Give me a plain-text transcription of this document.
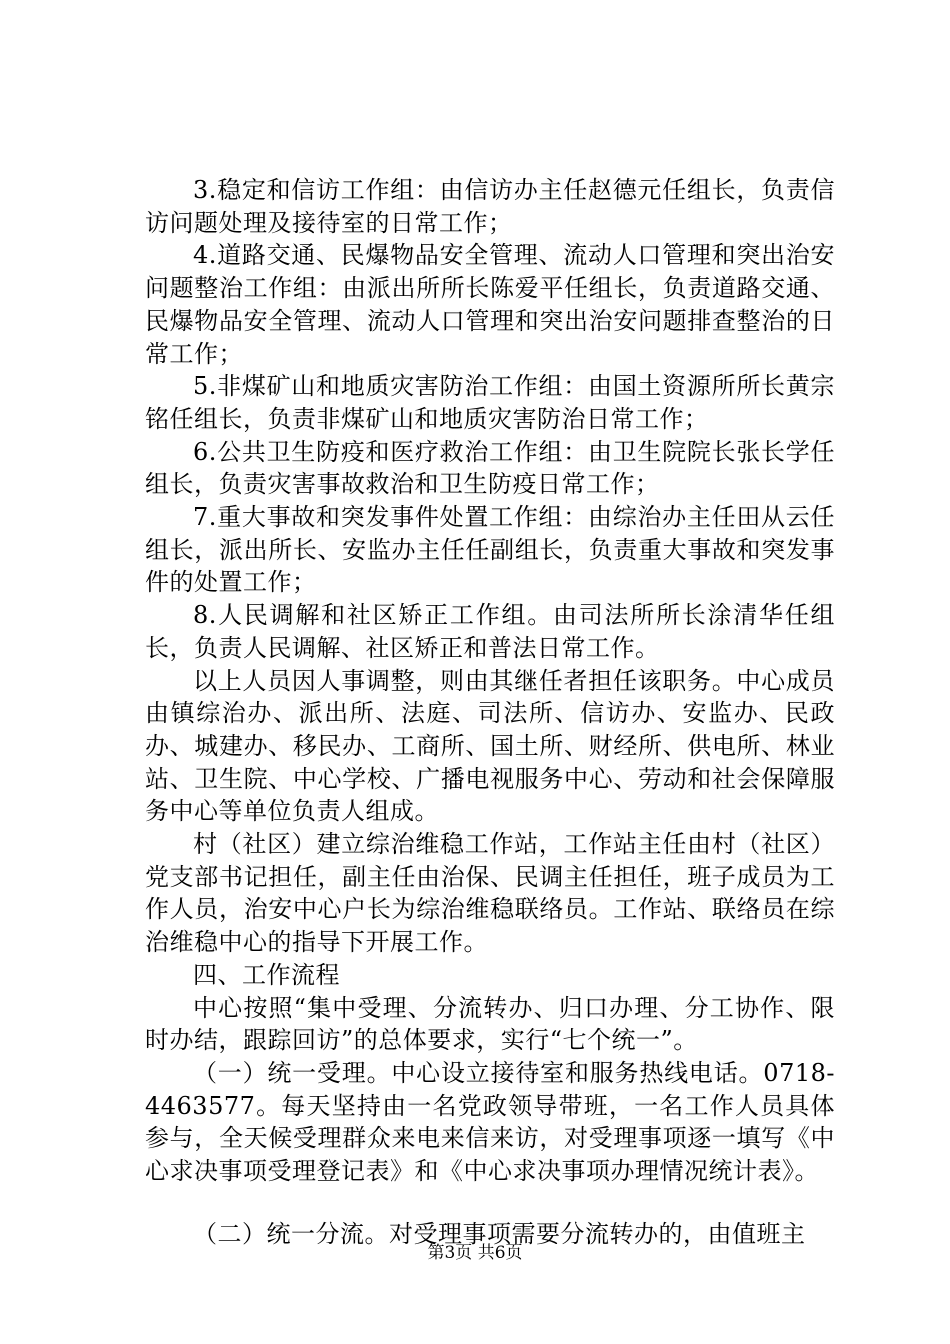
3.稳定和信访工作组：由信访办主任赵德元任组长，负责信访问题处理及接待室的日常工作；

4.道路交通、民爆物品安全管理、流动人口管理和突出治安问题整治工作组：由派出所所长陈爱平任组长，负责道路交通、民爆物品安全管理、流动人口管理和突出治安问题排查整治的日常工作；

5.非煤矿山和地质灾害防治工作组：由国土资源所所长黄宗铭任组长，负责非煤矿山和地质灾害防治日常工作；

6.公共卫生防疫和医疗救治工作组：由卫生院院长张长学任组长，负责灾害事故救治和卫生防疫日常工作；

7.重大事故和突发事件处置工作组：由综治办主任田从云任组长，派出所长、安监办主任任副组长，负责重大事故和突发事件的处置工作；

8.人民调解和社区矫正工作组。由司法所所长涂清华任组长，负责人民调解、社区矫正和普法日常工作。

以上人员因人事调整，则由其继任者担任该职务。中心成员由镇综治办、派出所、法庭、司法所、信访办、安监办、民政办、城建办、移民办、工商所、国土所、财经所、供电所、林业站、卫生院、中心学校、广播电视服务中心、劳动和社会保障服务中心等单位负责人组成。

村（社区）建立综治维稳工作站，工作站主任由村（社区）党支部书记担任，副主任由治保、民调主任担任，班子成员为工作人员，治安中心户长为综治维稳联络员。工作站、联络员在综治维稳中心的指导下开展工作。

四、工作流程

中心按照“集中受理、分流转办、归口办理、分工协作、限时办结，跟踪回访”的总体要求，实行“七个统一”。

（一）统一受理。中心设立接待室和服务热线电话。0718-4463577。每天坚持由一名党政领导带班，一名工作人员具体参与，全天候受理群众来电来信来访，对受理事项逐一填写《中心求决事项受理登记表》和《中心求决事项办理情况统计表》。

（二）统一分流。对受理事项需要分流转办的，由值班主

第3页 共6页
